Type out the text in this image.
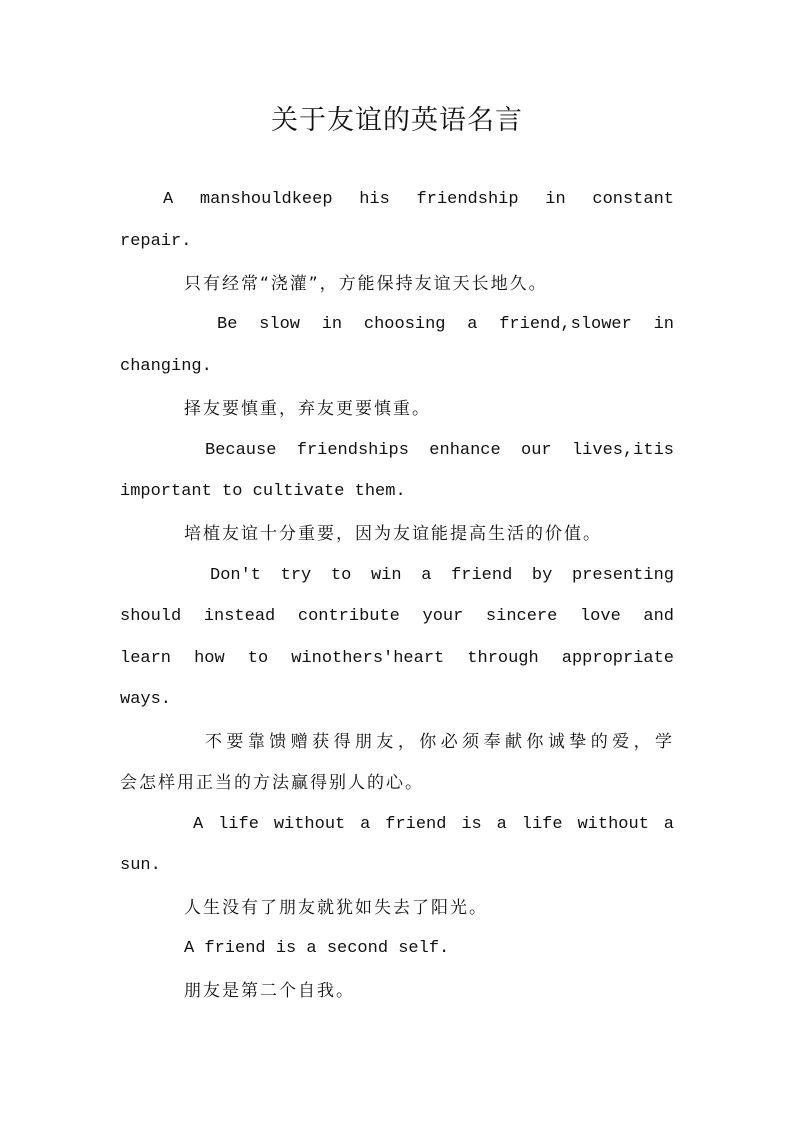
关于友谊的英语名言
A manshouldkeep his friendship in constant
repair.
只有经常“浇灌”，方能保持友谊天长地久。
Be slow in choosing a friend,slower in
changing.
择友要慎重，弃友更要慎重。
Because friendships enhance our lives,itis
important to cultivate them.
培植友谊十分重要，因为友谊能提高生活的价值。
Don't try to win a friend by presenting
should instead contribute your sincere love and
learn how to winothers'heart through appropriate
ways.
不要靠馈赠获得朋友，你必须奉献你诚挚的爱，学
会怎样用正当的方法赢得别人的心。
A life without a friend is a life without a
sun.
人生没有了朋友就犹如失去了阳光。
A friend is a second self.
朋友是第二个自我。
